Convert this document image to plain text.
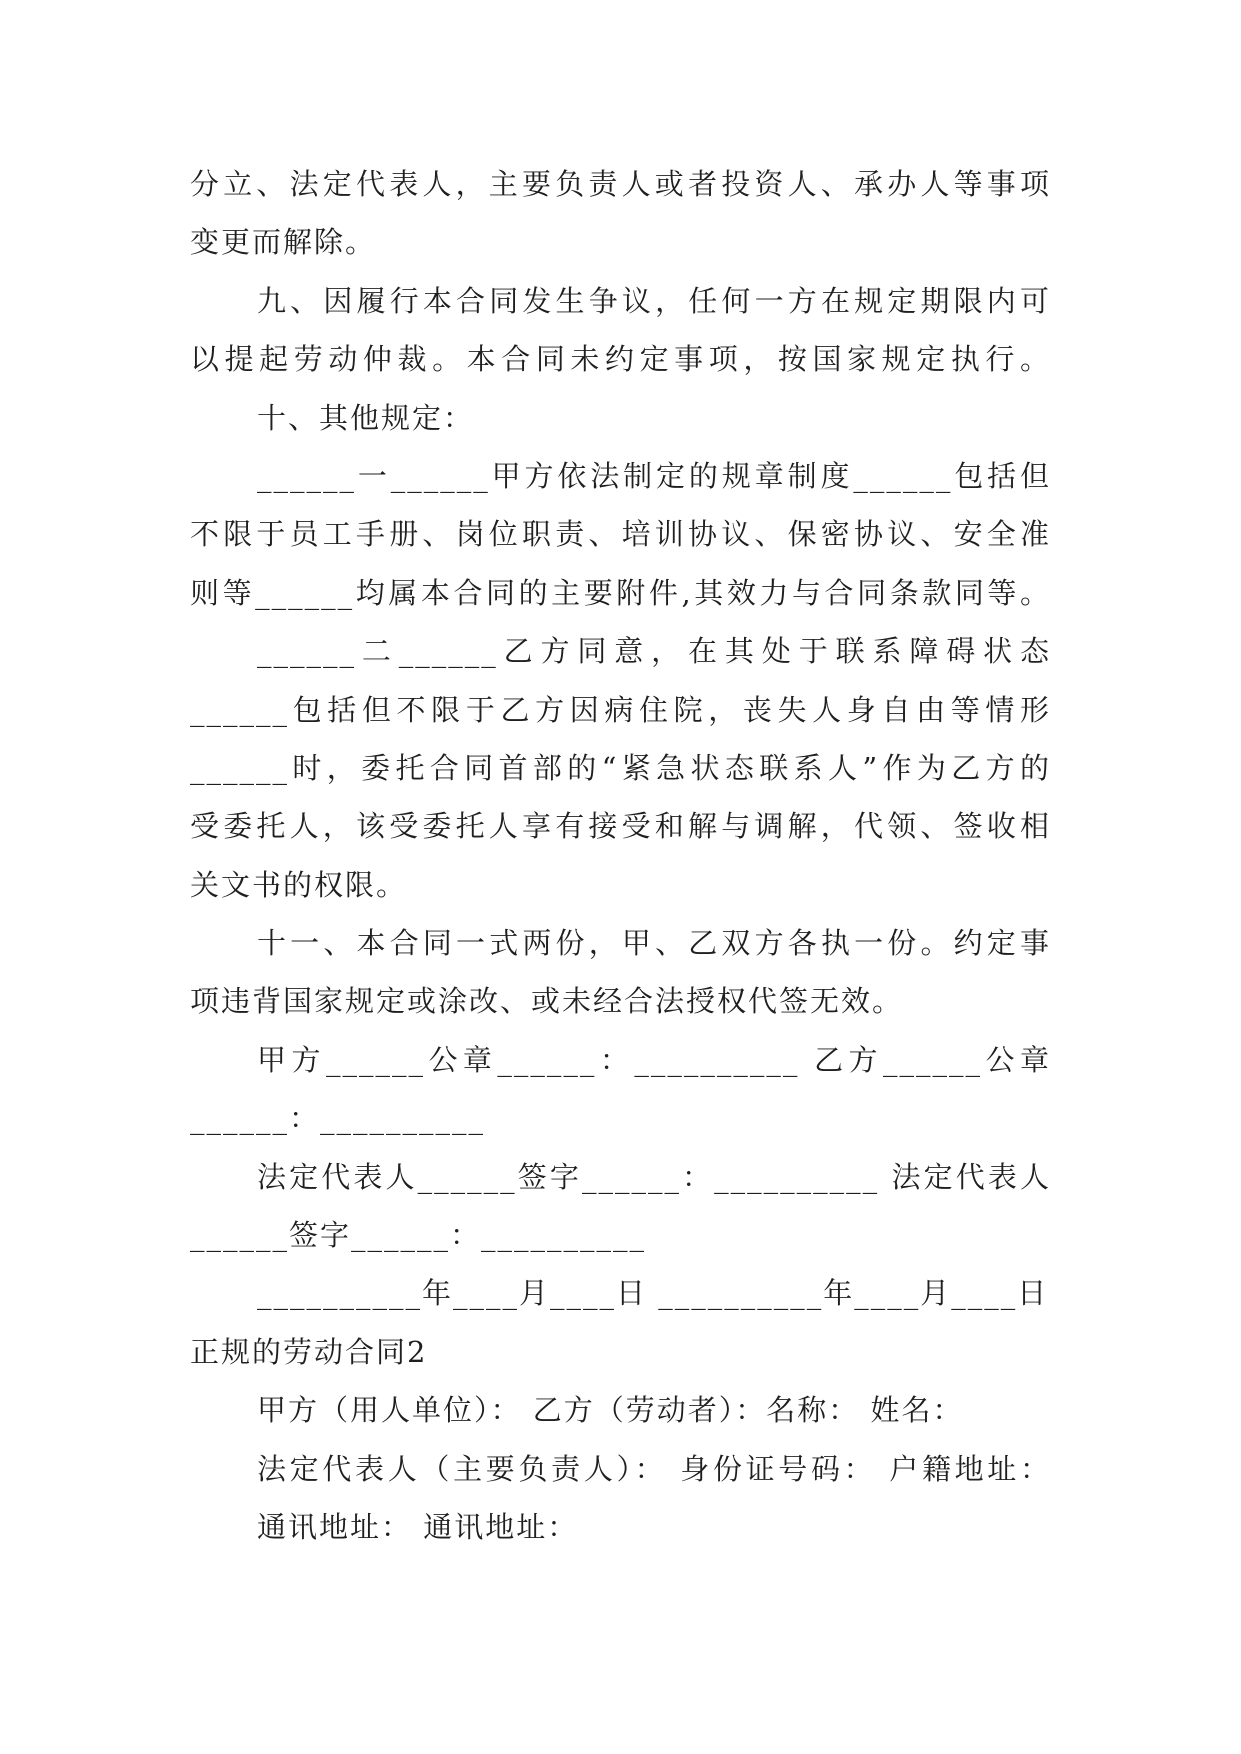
分立、法定代表人，主要负责人或者投资人、承办人等事项
变更而解除。
九、因履行本合同发生争议，任何一方在规定期限内可
以提起劳动仲裁。本合同未约定事项，按国家规定执行。
十、其他规定：
______一______甲方依法制定的规章制度______包括但
不限于员工手册、岗位职责、培训协议、保密协议、安全准
则等______均属本合同的主要附件,其效力与合同条款同等。
______二______乙方同意，在其处于联系障碍状态
______包括但不限于乙方因病住院，丧失人身自由等情形
______时，委托合同首部的“紧急状态联系人”作为乙方的
受委托人，该受委托人享有接受和解与调解，代领、签收相
关文书的权限。
十一、本合同一式两份，甲、乙双方各执一份。约定事
项违背国家规定或涂改、或未经合法授权代签无效。
甲方______公章______：__________ 乙方______公章
______：__________
法定代表人______签字______：__________ 法定代表人
______签字______：__________
__________年____月____日 __________年____月____日
正规的劳动合同2
甲方（用人单位）： 乙方（劳动者）：名称： 姓名：
法定代表人（主要负责人）： 身份证号码： 户籍地址：
通讯地址： 通讯地址：
